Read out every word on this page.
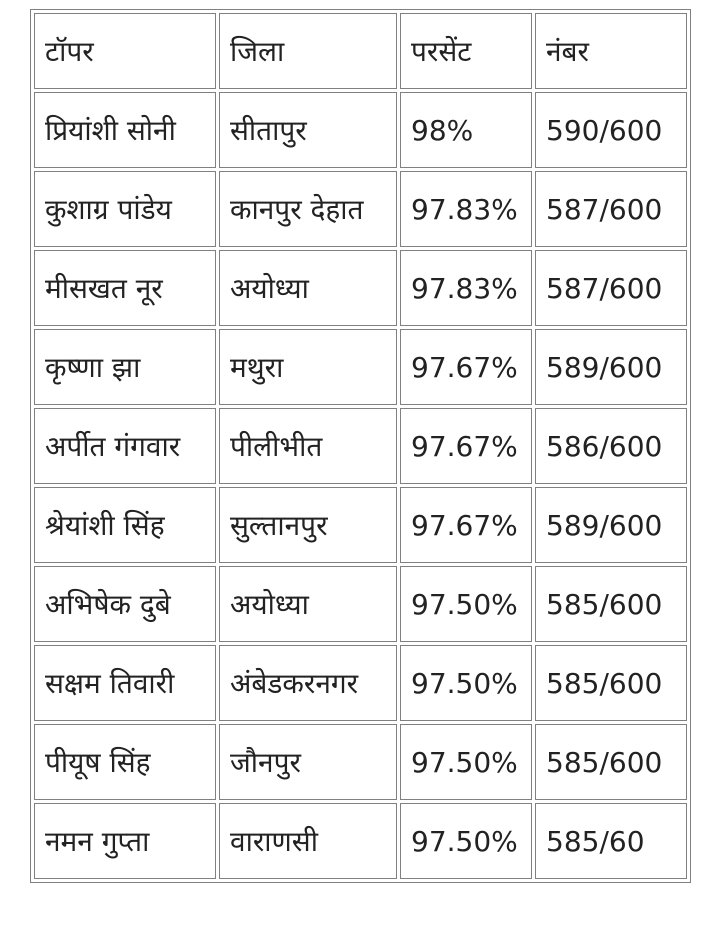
टॉपर	जिला	परसेंट	नंबर
प्रियांशी सोनी	सीतापुर	98%	590/600
कुशाग्र पांडेय	कानपुर देहात	97.83%	587/600
मीसखत नूर	अयोध्या	97.83%	587/600
कृष्णा झा	मथुरा	97.67%	589/600
अर्पीत गंगवार	पीलीभीत	97.67%	586/600
श्रेयांशी सिंह	सुल्तानपुर	97.67%	589/600
अभिषेक दुबे	अयोध्या	97.50%	585/600
सक्षम तिवारी	अंबेडकरनगर	97.50%	585/600
पीयूष सिंह	जौनपुर	97.50%	585/600
नमन गुप्ता	वाराणसी	97.50%	585/60
